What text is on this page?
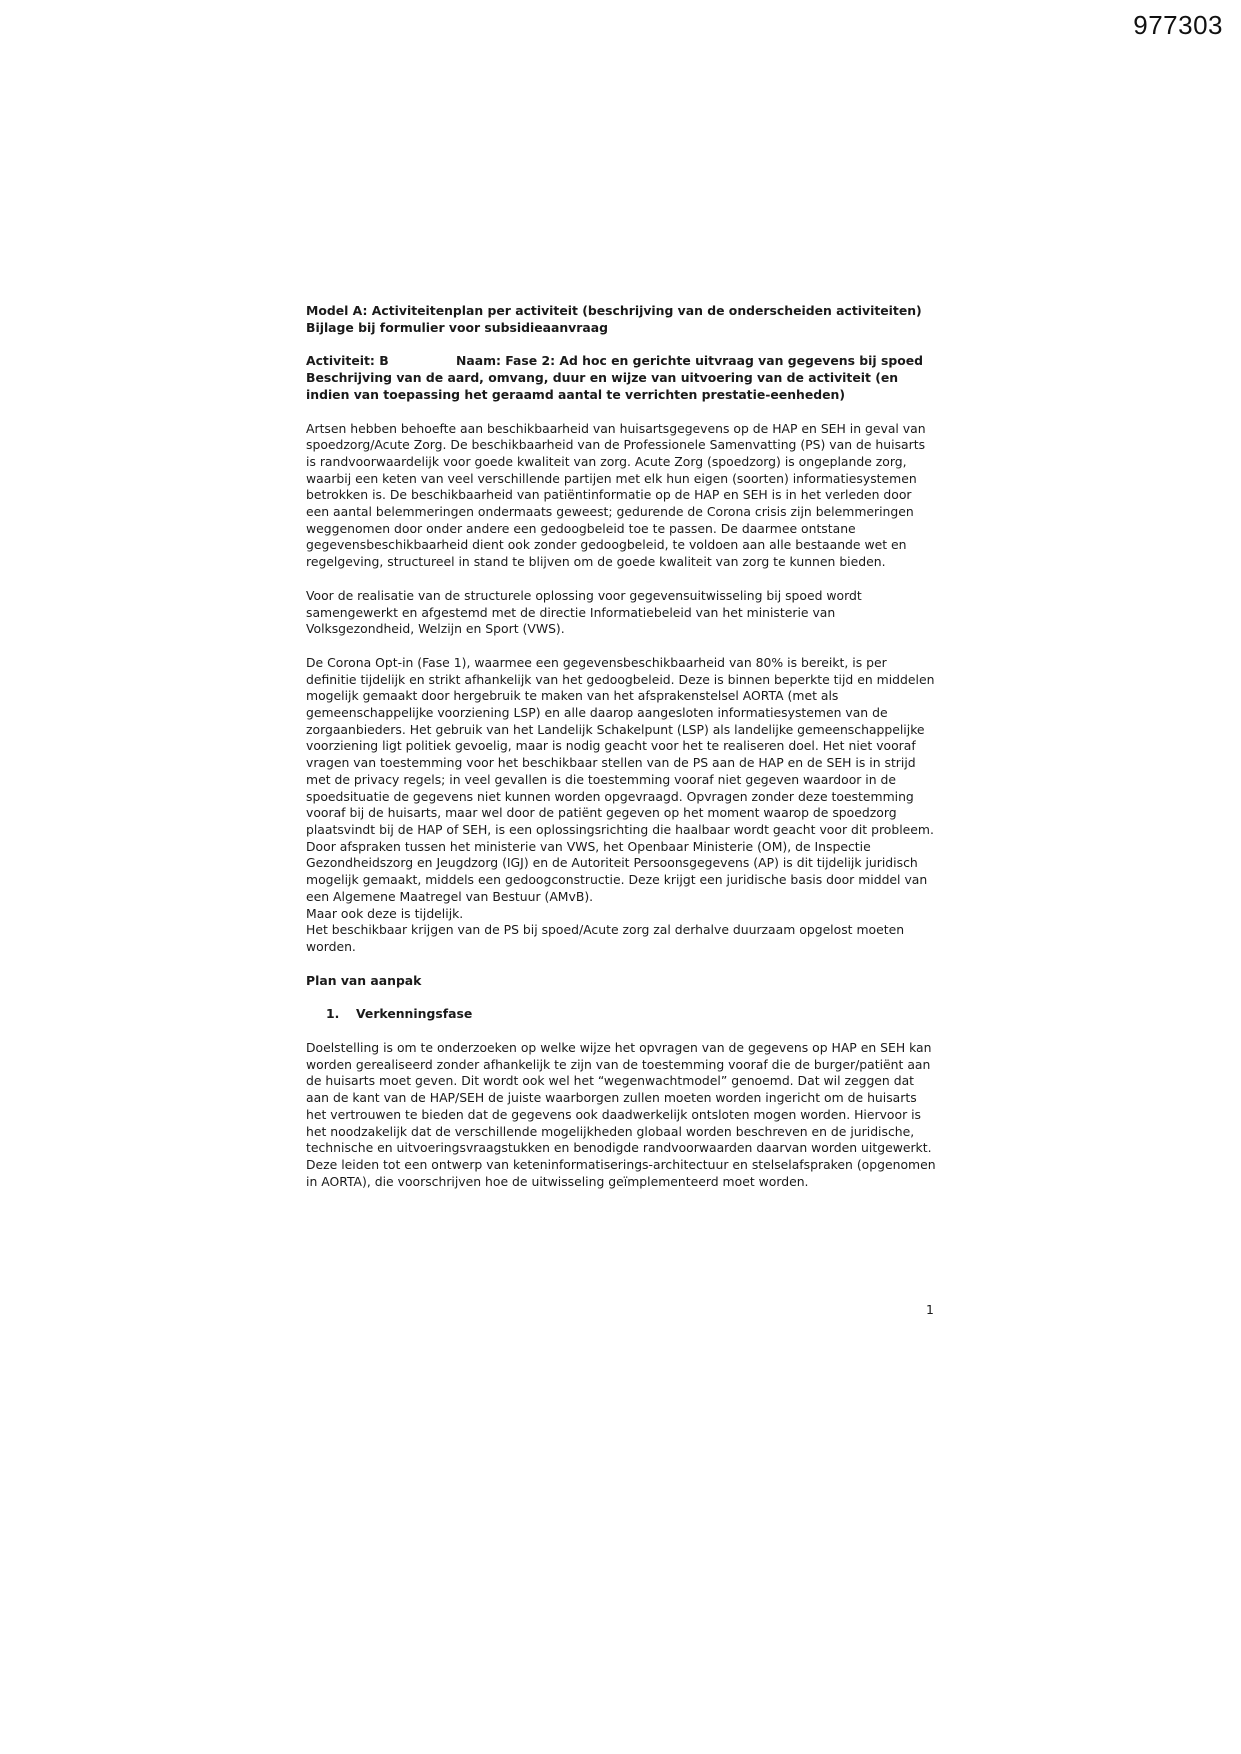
977303
Model A: Activiteitenplan per activiteit (beschrijving van de onderscheiden activiteiten)
Bijlage bij formulier voor subsidieaanvraag
Activiteit: B	Naam: Fase 2: Ad hoc en gerichte uitvraag van gegevens bij spoed
Beschrijving van de aard, omvang, duur en wijze van uitvoering van de activiteit (en indien van toepassing het geraamd aantal te verrichten prestatie-eenheden)

Artsen hebben behoefte aan beschikbaarheid van huisartsgegevens op de HAP en SEH in geval van spoedzorg/Acute Zorg. De beschikbaarheid van de Professionele Samenvatting (PS) van de huisarts is randvoorwaardelijk voor goede kwaliteit van zorg. Acute Zorg (spoedzorg) is ongeplande zorg, waarbij een keten van veel verschillende partijen met elk hun eigen (soorten) informatiesystemen betrokken is. De beschikbaarheid van patiëntinformatie op de HAP en SEH is in het verleden door een aantal belemmeringen ondermaats geweest; gedurende de Corona crisis zijn belemmeringen weggenomen door onder andere een gedoogbeleid toe te passen. De daarmee ontstane gegevensbeschikbaarheid dient ook zonder gedoogbeleid, te voldoen aan alle bestaande wet en regelgeving, structureel in stand te blijven om de goede kwaliteit van zorg te kunnen bieden.

Voor de realisatie van de structurele oplossing voor gegevensuitwisseling bij spoed wordt samengewerkt en afgestemd met de directie Informatiebeleid van het ministerie van Volksgezondheid, Welzijn en Sport (VWS).

De Corona Opt-in (Fase 1), waarmee een gegevensbeschikbaarheid van 80% is bereikt, is per definitie tijdelijk en strikt afhankelijk van het gedoogbeleid. Deze is binnen beperkte tijd en middelen mogelijk gemaakt door hergebruik te maken van het afsprakenstelsel AORTA (met als gemeenschappelijke voorziening LSP) en alle daarop aangesloten informatiesystemen van de zorgaanbieders. Het gebruik van het Landelijk Schakelpunt (LSP) als landelijke gemeenschappelijke voorziening ligt politiek gevoelig, maar is nodig geacht voor het te realiseren doel. Het niet vooraf vragen van toestemming voor het beschikbaar stellen van de PS aan de HAP en de SEH is in strijd met de privacy regels; in veel gevallen is die toestemming vooraf niet gegeven waardoor in de spoedsituatie de gegevens niet kunnen worden opgevraagd. Opvragen zonder deze toestemming vooraf bij de huisarts, maar wel door de patiënt gegeven op het moment waarop de spoedzorg plaatsvindt bij de HAP of SEH, is een oplossingsrichting die haalbaar wordt geacht voor dit probleem.

Door afspraken tussen het ministerie van VWS, het Openbaar Ministerie (OM), de Inspectie Gezondheidszorg en Jeugdzorg (IGJ) en de Autoriteit Persoonsgegevens (AP) is dit tijdelijk juridisch mogelijk gemaakt, middels een gedoogconstructie. Deze krijgt een juridische basis door middel van een Algemene Maatregel van Bestuur (AMvB).

Maar ook deze is tijdelijk.

Het beschikbaar krijgen van de PS bij spoed/Acute zorg zal derhalve duurzaam opgelost moeten worden.

Plan van aanpak
1.	Verkenningsfase

Doelstelling is om te onderzoeken op welke wijze het opvragen van de gegevens op HAP en SEH kan worden gerealiseerd zonder afhankelijk te zijn van de toestemming vooraf die de burger/patiënt aan de huisarts moet geven. Dit wordt ook wel het “wegenwachtmodel” genoemd. Dat wil zeggen dat aan de kant van de HAP/SEH de juiste waarborgen zullen moeten worden ingericht om de huisarts het vertrouwen te bieden dat de gegevens ook daadwerkelijk ontsloten mogen worden. Hiervoor is het noodzakelijk dat de verschillende mogelijkheden globaal worden beschreven en de juridische, technische en uitvoeringsvraagstukken en benodigde randvoorwaarden daarvan worden uitgewerkt. Deze leiden tot een ontwerp van keteninformatiserings-architectuur en stelselafspraken (opgenomen in AORTA), die voorschrijven hoe de uitwisseling geïmplementeerd moet worden.

1
